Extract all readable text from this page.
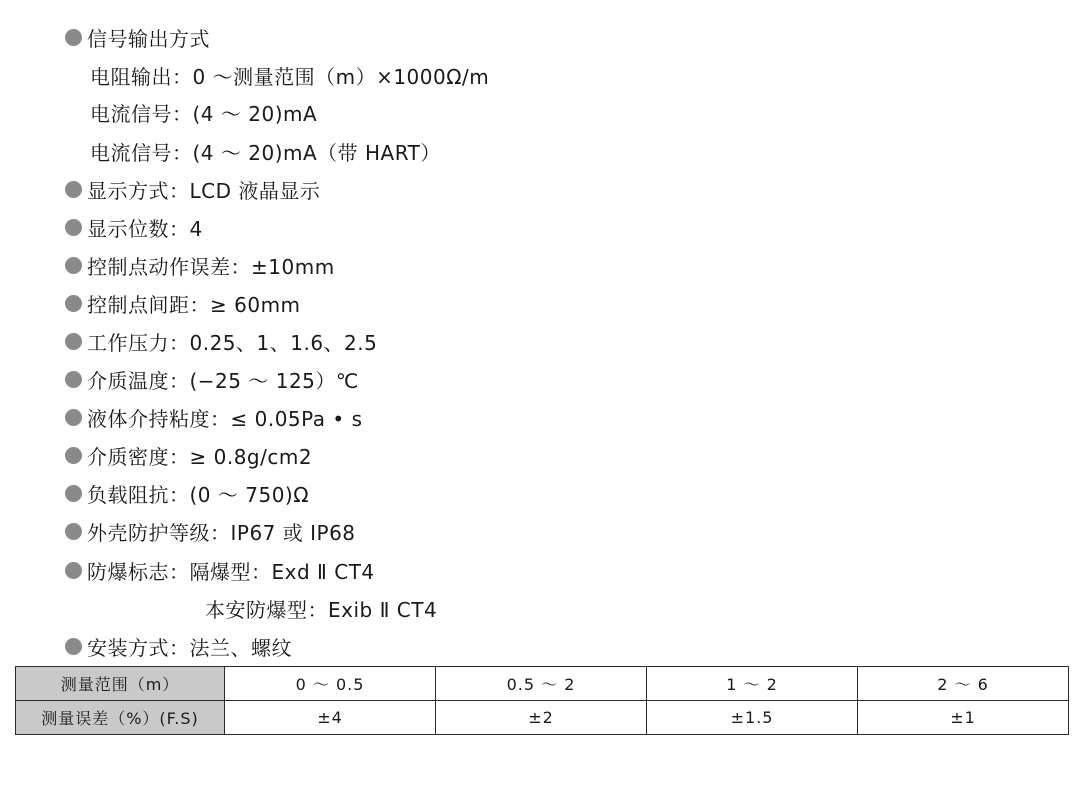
信号输出方式
电阻输出：0 ～测量范围（m）×1000Ω/m
电流信号：(4 ～ 20)mA
电流信号：(4 ～ 20)mA（带 HART）
显示方式：LCD 液晶显示
显示位数：4
控制点动作误差：±10mm
控制点间距：≥ 60mm
工作压力：0.25、1、1.6、2.5
介质温度：(−25 ～ 125）℃
液体介持粘度：≤ 0.05Pa • s
介质密度：≥ 0.8g/cm2
负载阻抗：(0 ～ 750)Ω
外壳防护等级：IP67 或 IP68
防爆标志：隔爆型：Exd Ⅱ CT4
本安防爆型：Exib Ⅱ CT4
安装方式：法兰、螺纹
测量范围（m）	0 ～ 0.5	0.5 ～ 2	1 ～ 2	2 ～ 6
测量误差（%）(F.S)	±4	±2	±1.5	±1
